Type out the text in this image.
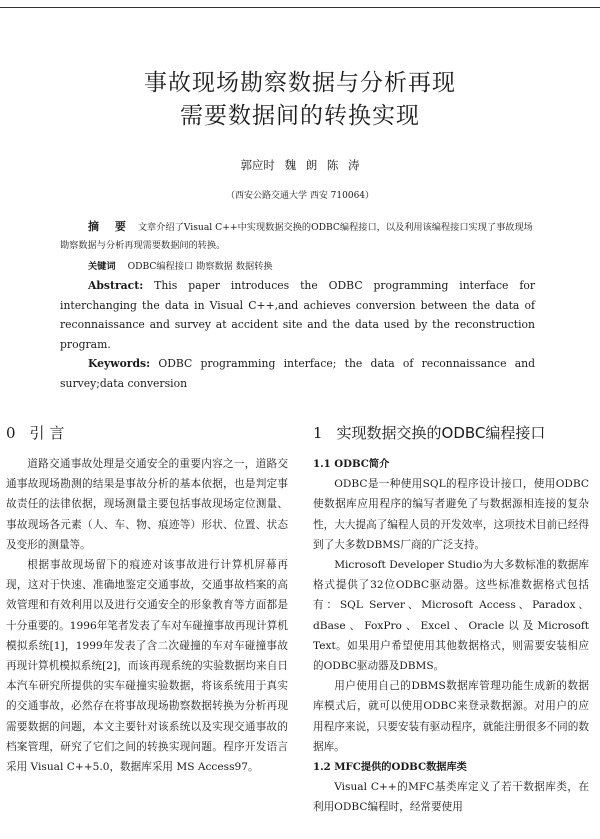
事故现场勘察数据与分析再现
需要数据间的转换实现
郭应时 魏 朗 陈 涛
（西安公路交通大学 西安 710064）
摘 要 文章介绍了Visual C++中实现数据交换的ODBC编程接口，以及利用该编程接口实现了事故现场勘察数据与分析再现需要数据间的转换。
关键词 ODBC编程接口 勘察数据 数据转换
Abstract: This paper introduces the ODBC programming interface for interchanging the data in Visual C++,and achieves conversion between the data of reconnaissance and survey at accident site and the data used by the reconstruction program.
Keywords: ODBC programming interface; the data of reconnaissance and survey;data conversion
0 引 言

道路交通事故处理是交通安全的重要内容之一，道路交通事故现场勘测的结果是事故分析的基本依据，也是判定事故责任的法律依据，现场测量主要包括事故现场定位测量、事故现场各元素（人、车、物、痕迹等）形状、位置、状态及变形的测量等。

根据事故现场留下的痕迹对该事故进行计算机屏幕再现，这对于快速、准确地鉴定交通事故，交通事故档案的高效管理和有效利用以及进行交通安全的形象教育等方面都是十分重要的。1996年笔者发表了车对车碰撞事故再现计算机模拟系统[1]，1999年发表了含二次碰撞的车对车碰撞事故再现计算机模拟系统[2]，而该再现系统的实验数据均来自日本汽车研究所提供的实车碰撞实验数据，将该系统用于真实的交通事故，必然存在将事故现场勘察数据转换为分析再现需要数据的问题，本文主要针对该系统以及实现交通事故的档案管理，研究了它们之间的转换实现问题。程序开发语言采用 Visual C++5.0，数据库采用 MS Access97。

1 实现数据交换的ODBC编程接口

1.1 ODBC简介

ODBC是一种使用SQL的程序设计接口，使用ODBC使数据库应用程序的编写者避免了与数据源相连接的复杂性，大大提高了编程人员的开发效率，这项技术目前已经得到了大多数DBMS厂商的广泛支持。

Microsoft Developer Studio为大多数标准的数据库格式提供了32位ODBC驱动器。这些标准数据格式包括有：SQL Server、Microsoft Access、Paradox、dBase、FoxPro、Excel、Oracle以及Microsoft Text。如果用户希望使用其他数据格式，则需要安装相应的ODBC驱动器及DBMS。

用户使用自己的DBMS数据库管理功能生成新的数据库模式后，就可以使用ODBC来登录数据源。对用户的应用程序来说，只要安装有驱动程序，就能注册很多不同的数据库。

1.2 MFC提供的ODBC数据库类

Visual C++的MFC基类库定义了若干数据库类，在利用ODBC编程时，经常要使用
